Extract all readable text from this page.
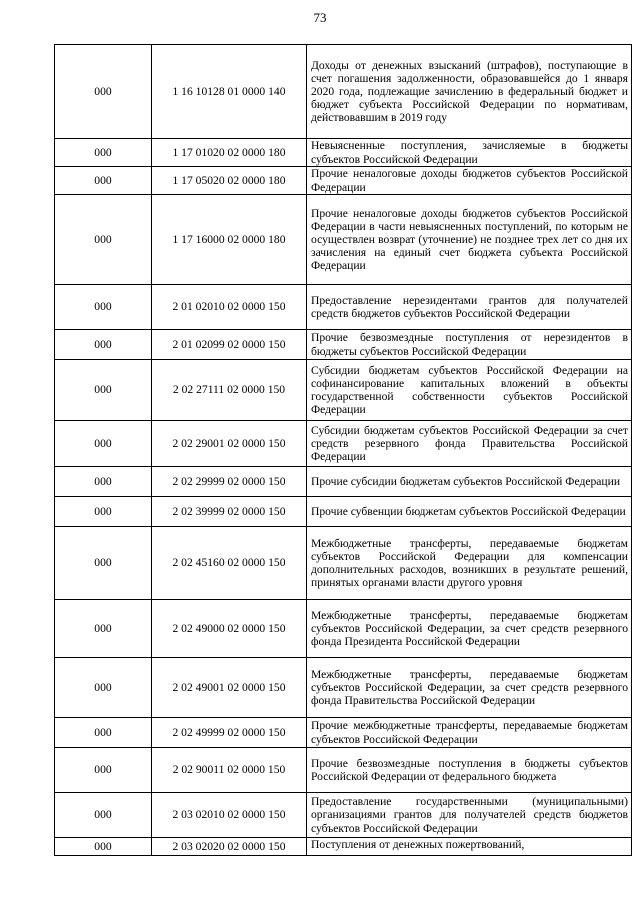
73
000	1 16 10128 01 0000 140	Доходы от денежных взысканий (штрафов), поступающие в счет погашения задолженности, образовавшейся до 1 января 2020 года, подлежащие зачислению в федеральный бюджет и бюджет субъекта Российской Федерации по нормативам, действовавшим в 2019 году
000	1 17 01020 02 0000 180	Невыясненные поступления, зачисляемые в бюджеты субъектов Российской Федерации
000	1 17 05020 02 0000 180	Прочие неналоговые доходы бюджетов субъектов Российской Федерации
000	1 17 16000 02 0000 180	Прочие неналоговые доходы бюджетов субъектов Российской Федерации в части невыясненных поступлений, по которым не осуществлен возврат (уточнение) не позднее трех лет со дня их зачисления на единый счет бюджета субъекта Российской Федерации
000	2 01 02010 02 0000 150	Предоставление нерезидентами грантов для получателей средств бюджетов субъектов Российской Федерации
000	2 01 02099 02 0000 150	Прочие безвозмездные поступления от нерезидентов в бюджеты субъектов Российской Федерации
000	2 02 27111 02 0000 150	Субсидии бюджетам субъектов Российской Федерации на софинансирование капитальных вложений в объекты государственной собственности субъектов Российской Федерации
000	2 02 29001 02 0000 150	Субсидии бюджетам субъектов Российской Федерации за счет средств резервного фонда Правительства Российской Федерации
000	2 02 29999 02 0000 150	Прочие субсидии бюджетам субъектов Российской Федерации
000	2 02 39999 02 0000 150	Прочие субвенции бюджетам субъектов Российской Федерации
000	2 02 45160 02 0000 150	Межбюджетные трансферты, передаваемые бюджетам субъектов Российской Федерации для компенсации дополнительных расходов, возникших в результате решений, принятых органами власти другого уровня
000	2 02 49000 02 0000 150	Межбюджетные трансферты, передаваемые бюджетам субъектов Российской Федерации, за счет средств резервного фонда Президента Российской Федерации
000	2 02 49001 02 0000 150	Межбюджетные трансферты, передаваемые бюджетам субъектов Российской Федерации, за счет средств резервного фонда Правительства Российской Федерации
000	2 02 49999 02 0000 150	Прочие межбюджетные трансферты, передаваемые бюджетам субъектов Российской Федерации
000	2 02 90011 02 0000 150	Прочие безвозмездные поступления в бюджеты субъектов Российской Федерации от федерального бюджета
000	2 03 02010 02 0000 150	Предоставление государственными (муниципальными) организациями грантов для получателей средств бюджетов субъектов Российской Федерации
000	2 03 02020 02 0000 150	Поступления от денежных пожертвований,
